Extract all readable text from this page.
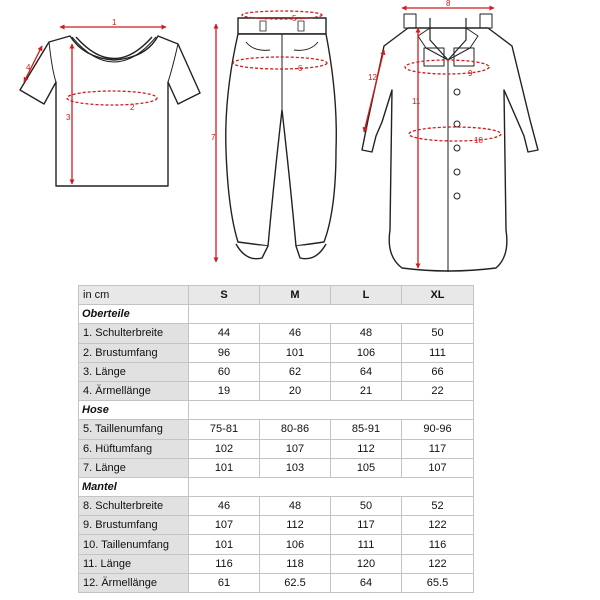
1
2
3
4
5
6
7
8
9
10
11
12
in cm	S	M	L	XL
Oberteile				
1. Schulterbreite	44	46	48	50
2. Brustumfang	96	101	106	111
3. Länge	60	62	64	66
4. Ärmellänge	19	20	21	22
Hose				
5. Taillenumfang	75-81	80-86	85-91	90-96
6. Hüftumfang	102	107	112	117
7. Länge	101	103	105	107
Mantel				
8. Schulterbreite	46	48	50	52
9. Brustumfang	107	112	117	122
10. Taillenumfang	101	106	111	116
11. Länge	116	118	120	122
12. Ärmellänge	61	62.5	64	65.5
